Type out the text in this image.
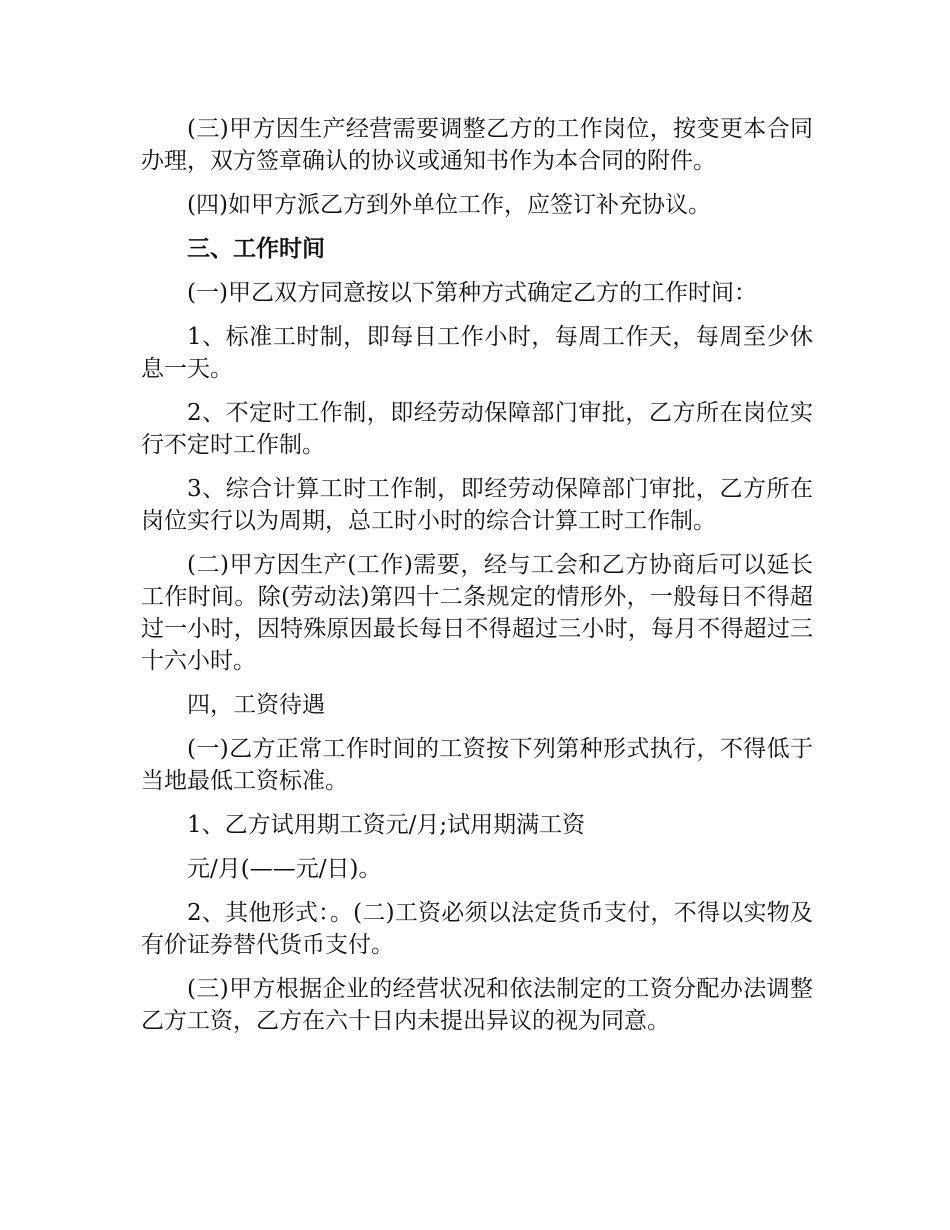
(三)甲方因生产经营需要调整乙方的工作岗位，按变更本合同办理，双方签章确认的协议或通知书作为本合同的附件。

(四)如甲方派乙方到外单位工作，应签订补充协议。

三、工作时间

(一)甲乙双方同意按以下第种方式确定乙方的工作时间：

1、标准工时制，即每日工作小时，每周工作天，每周至少休息一天。

2、不定时工作制，即经劳动保障部门审批，乙方所在岗位实行不定时工作制。

3、综合计算工时工作制，即经劳动保障部门审批，乙方所在岗位实行以为周期，总工时小时的综合计算工时工作制。

(二)甲方因生产(工作)需要，经与工会和乙方协商后可以延长工作时间。除(劳动法)第四十二条规定的情形外，一般每日不得超过一小时，因特殊原因最长每日不得超过三小时，每月不得超过三十六小时。

四，工资待遇

(一)乙方正常工作时间的工资按下列第种形式执行，不得低于当地最低工资标准。

1、乙方试用期工资元/月;试用期满工资

元/月(——元/日)。

2、其他形式：。(二)工资必须以法定货币支付，不得以实物及有价证券替代货币支付。

(三)甲方根据企业的经营状况和依法制定的工资分配办法调整乙方工资，乙方在六十日内未提出异议的视为同意。
